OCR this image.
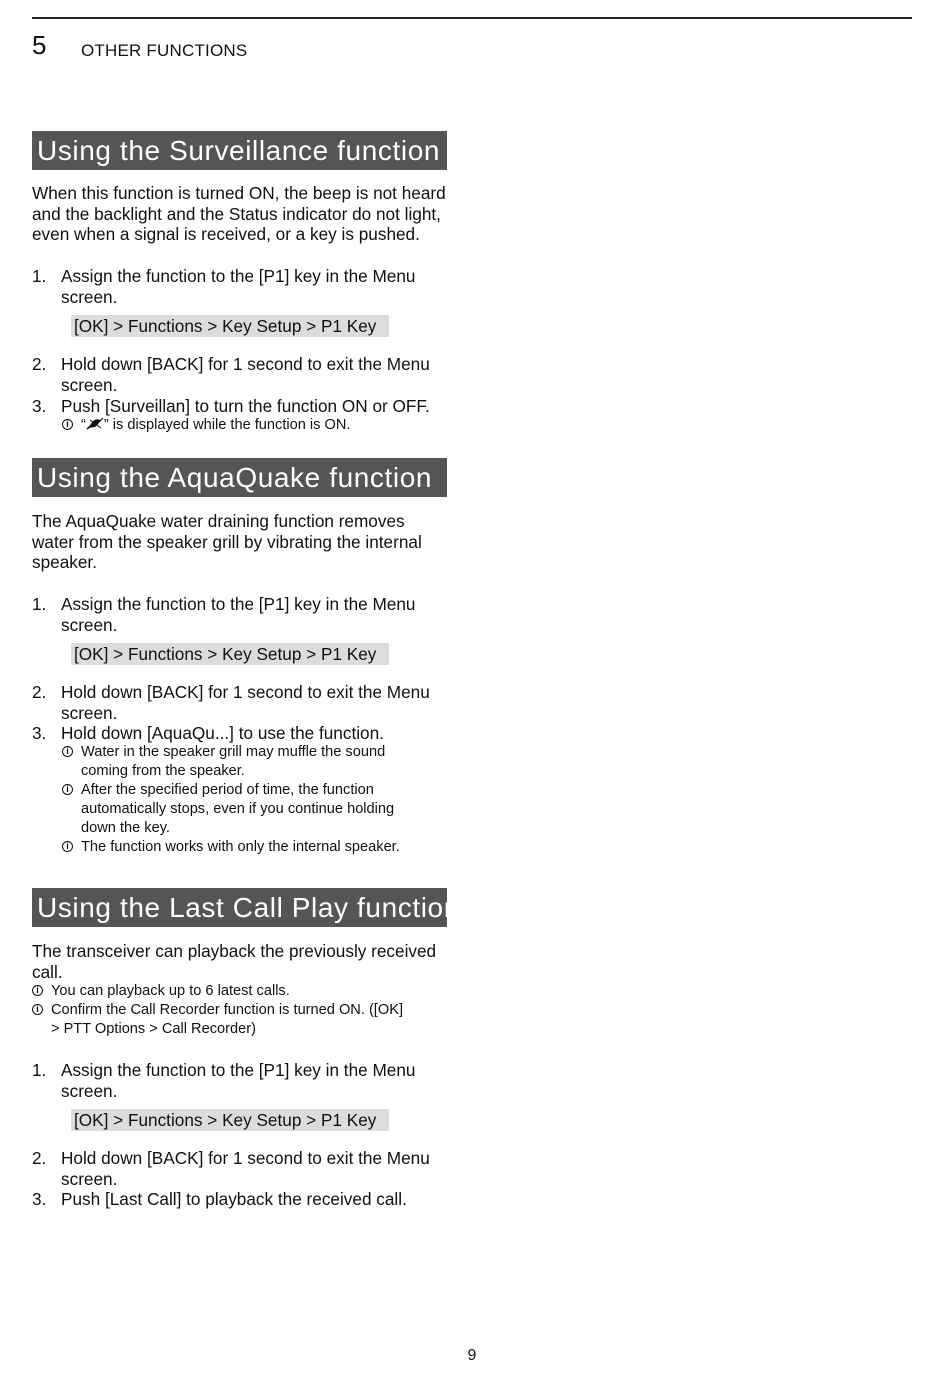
5 OTHER FUNCTIONS
Using the Surveillance function
When this function is turned ON, the beep is not heard and the backlight and the Status indicator do not light, even when a signal is received, or a key is pushed.
1. Assign the function to the [P1] key in the Menu screen.
[OK] > Functions > Key Setup > P1 Key
2. Hold down [BACK] for 1 second to exit the Menu screen.
3. Push [Surveillan] to turn the function ON or OFF.
i “ ” is displayed while the function is ON.
Using the AquaQuake function
The AquaQuake water draining function removes water from the speaker grill by vibrating the internal speaker.
1. Assign the function to the [P1] key in the Menu screen.
[OK] > Functions > Key Setup > P1 Key
2. Hold down [BACK] for 1 second to exit the Menu screen.
3. Hold down [AquaQu...] to use the function.
i Water in the speaker grill may muffle the sound coming from the speaker.
i After the specified period of time, the function automatically stops, even if you continue holding down the key.
i The function works with only the internal speaker.
Using the Last Call Play function
The transceiver can playback the previously received call.
i You can playback up to 6 latest calls.
i Confirm the Call Recorder function is turned ON. ([OK] > PTT Options > Call Recorder)
1. Assign the function to the [P1] key in the Menu screen.
[OK] > Functions > Key Setup > P1 Key
2. Hold down [BACK] for 1 second to exit the Menu screen.
3. Push [Last Call] to playback the received call.
9
